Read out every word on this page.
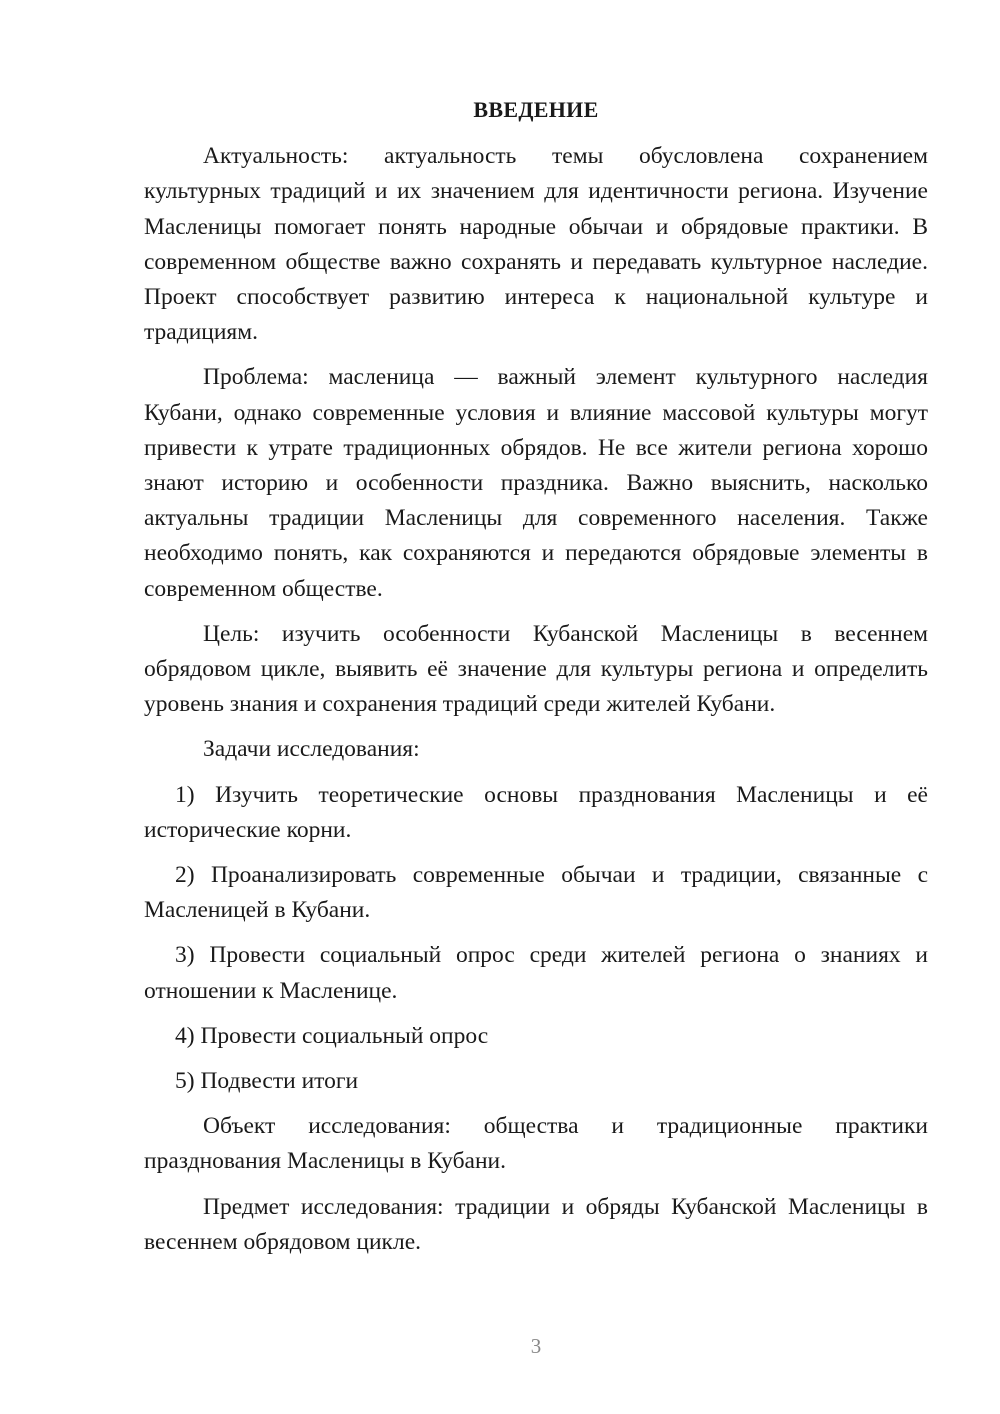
ВВЕДЕНИЕ

Актуальность: актуальность темы обусловлена сохранением культурных традиций и их значением для идентичности региона. Изучение Масленицы помогает понять народные обычаи и обрядовые практики. В современном обществе важно сохранять и передавать культурное наследие. Проект способствует развитию интереса к национальной культуре и традициям.

Проблема: масленица — важный элемент культурного наследия Кубани, однако современные условия и влияние массовой культуры могут привести к утрате традиционных обрядов. Не все жители региона хорошо знают историю и особенности праздника. Важно выяснить, насколько актуальны традиции Масленицы для современного населения. Также необходимо понять, как сохраняются и передаются обрядовые элементы в современном обществе.

Цель: изучить особенности Кубанской Масленицы в весеннем обрядовом цикле, выявить её значение для культуры региона и определить уровень знания и сохранения традиций среди жителей Кубани.

Задачи исследования:

1) Изучить теоретические основы празднования Масленицы и её исторические корни.

2) Проанализировать современные обычаи и традиции, связанные с Масленицей в Кубани.

3) Провести социальный опрос среди жителей региона о знаниях и отношении к Масленице.

4) Провести социальный опрос

5) Подвести итоги

Объект исследования: общества и традиционные практики празднования Масленицы в Кубани.

Предмет исследования: традиции и обряды Кубанской Масленицы в весеннем обрядовом цикле.

3
